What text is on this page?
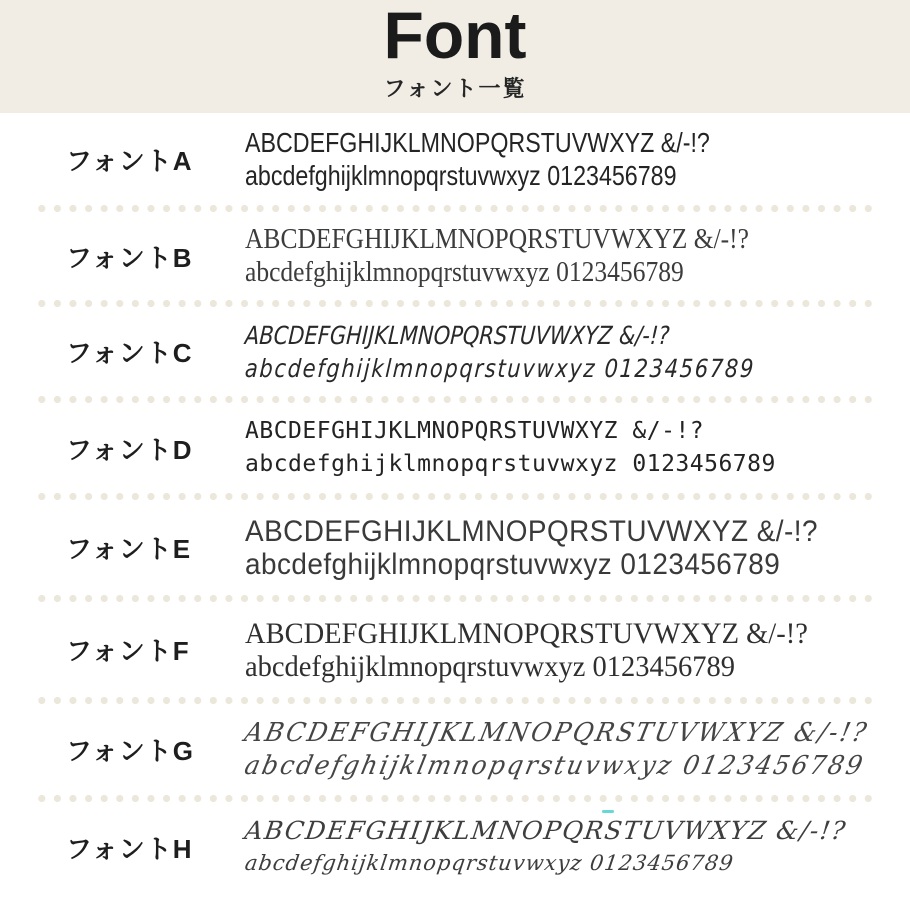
Font
フォント一覧
フォントA
ABCDEFGHIJKLMNOPQRSTUVWXYZ &/-!?
abcdefghijklmnopqrstuvwxyz 0123456789
フォントB
ABCDEFGHIJKLMNOPQRSTUVWXYZ &/-!?
abcdefghijklmnopqrstuvwxyz 0123456789
フォントC
ABCDEFGHIJKLMNOPQRSTUVWXYZ &/-!?
abcdefghijklmnopqrstuvwxyz 0123456789
フォントD
ABCDEFGHIJKLMNOPQRSTUVWXYZ &/-!?
abcdefghijklmnopqrstuvwxyz 0123456789
フォントE
ABCDEFGHIJKLMNOPQRSTUVWXYZ &/-!?
abcdefghijklmnopqrstuvwxyz 0123456789
フォントF
ABCDEFGHIJKLMNOPQRSTUVWXYZ &/-!?
abcdefghijklmnopqrstuvwxyz 0123456789
フォントG
ABCDEFGHIJKLMNOPQRSTUVWXYZ &/-!?
abcdefghijklmnopqrstuvwxyz 0123456789
フォントH
ABCDEFGHIJKLMNOPQRSTUVWXYZ &/-!?
abcdefghijklmnopqrstuvwxyz 0123456789
